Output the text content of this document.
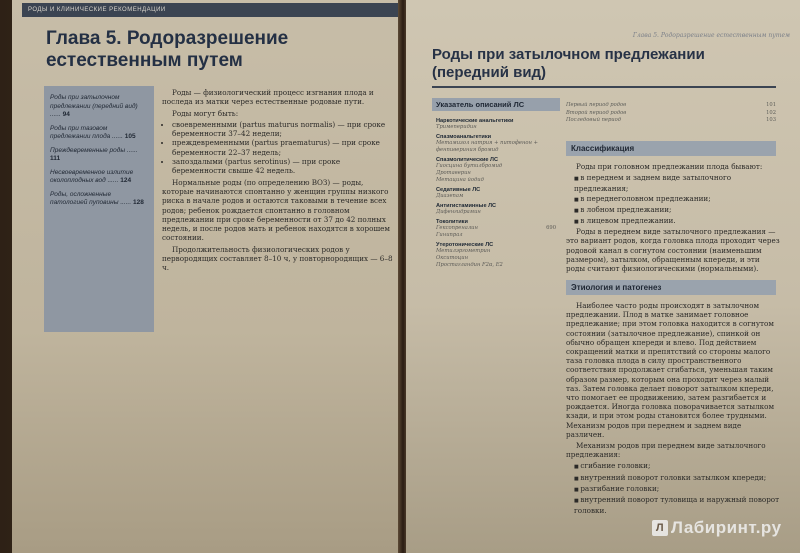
РОДЫ И КЛИНИЧЕСКИЕ РЕКОМЕНДАЦИИ
Глава 5. Родоразрешение естественным путем
Роды при затылочном предлежании (передний вид) ...... 94
Роды при тазовом предлежании плода ...... 105
Преждевременные роды ...... 111
Несвоевременное излитие околоплодных вод ...... 124
Роды, осложненные патологией пуповины ...... 128

Роды — физиологический процесс изгнания плода и последа из матки через естественные родовые пути.

Роды могут быть:

• своевременными (partus maturus normalis) — при сроке беременности 37–42 недели;
• преждевременными (partus praematurus) — при сроке беременности 22–37 недель;
• запоздалыми (partus serotinus) — при сроке беременности свыше 42 недель.

Нормальные роды (по определению ВОЗ) — роды, которые начинаются спонтанно у женщин группы низкого риска в начале родов и остаются таковыми в течение всех родов; ребенок рождается спонтанно в головном предлежании при сроке беременности от 37 до 42 полных недель, и после родов мать и ребенок находятся в хорошем состоянии.

Продолжительность физиологических родов у первородящих составляет 8–10 ч, у повторнородящих — 6–8 ч.

Глава 5. Родоразрешение естественным путем
Роды при затылочном предлежании (передний вид)
Указатель описаний ЛС
Наркотические анальгетики
Тримеперидин
Спазмоанальгетики
Метамизол натрия + питофенон + фенпивериния бромид
Спазмолитические ЛС
Гиосцина бутилбромид
Дротаверин
Метацина йодид
Седативные ЛС
Диазепам
Антигистаминные ЛС
Дифенгидрамин
Токолитики
Гексопреналин	690
Гинипрал
Утеротонические ЛС
Метилэргометрин
Окситоцин
Простагландин F2α, E2
Первый период родов	101
Второй период родов	102
Последовый период	103
Классификация

Роды при головном предлежании плода бывают:

■ в переднем и заднем виде затылочного предлежания;
■ в переднеголовном предлежании;
■ в лобном предлежании;
■ в лицевом предлежании.

Роды в переднем виде затылочного предлежания — это вариант родов, когда головка плода проходит через родовой канал в согнутом состоянии (наименьшим размером), затылком, обращенным кпереди, и эти роды считают физиологическими (нормальными).

Этиология и патогенез

Наиболее часто роды происходят в затылочном предлежании. Плод в матке занимает головное предлежание; при этом головка находится в согнутом состоянии (затылочное предлежание), спинкой он обычно обращен кпереди и влево. Под действием сокращений матки и препятствий со стороны малого таза головка плода в силу пространственного соответствия продолжает сгибаться, уменьшая таким образом размер, которым она проходит через малый таз. Затем головка делает поворот затылком кпереди, что помогает ее продвижению, затем разгибается и рождается. Иногда головка поворачивается затылком кзади, и при этом роды становятся более трудными. Механизм родов при переднем и заднем виде различен.

Механизм родов при переднем виде затылочного предлежания:

■ сгибание головки;
■ внутренний поворот головки затылком кпереди;
■ разгибание головки;
■ внутренний поворот туловища и наружный поворот головки.
Л Лабиринт.ру
